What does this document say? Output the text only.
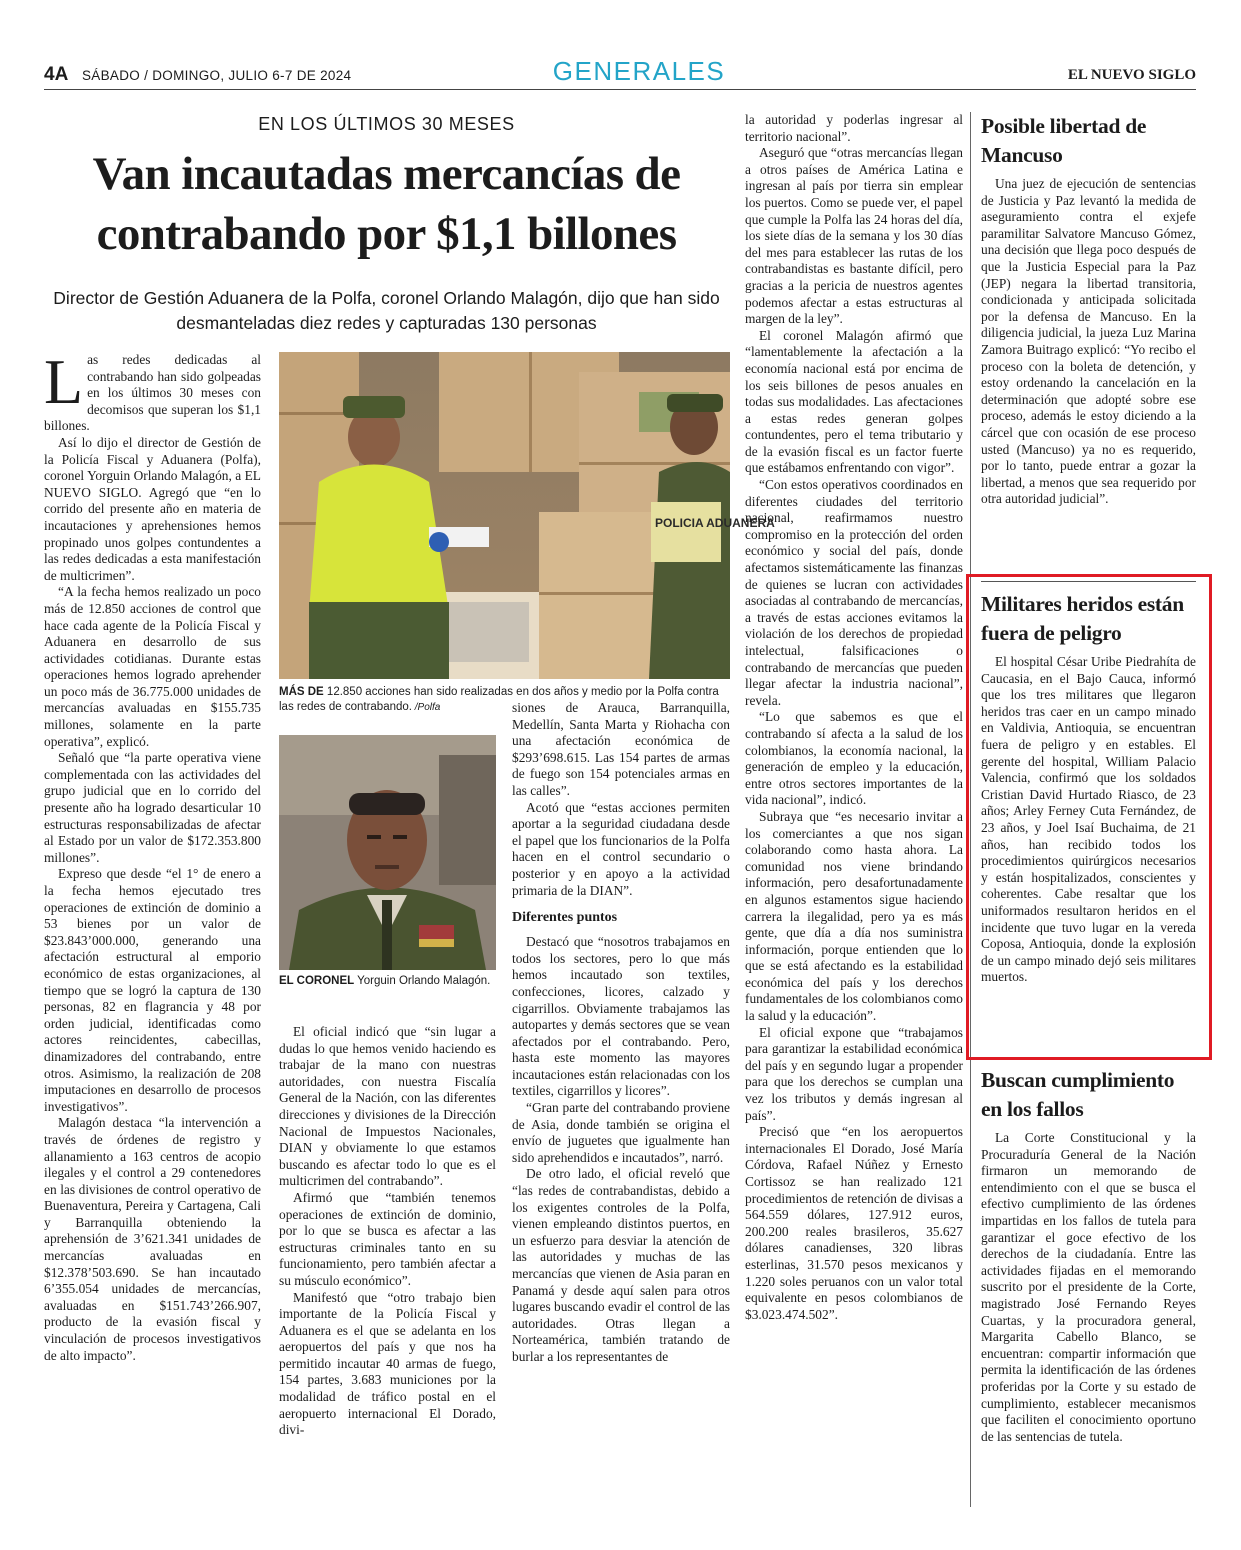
4A SÁBADO / DOMINGO, JULIO 6-7 DE 2024	GENERALES	EL NUEVO SIGLO
EN LOS ÚLTIMOS 30 MESES
Van incautadas mercancías de contrabando por $1,1 billones
Director de Gestión Aduanera de la Polfa, coronel Orlando Malagón, dijo que han sido desmanteladas diez redes y capturadas 130 personas
L as redes dedicadas al contrabando han sido golpeadas en los últimos 30 meses con decomisos que superan los $1,1 billones.

Así lo dijo el director de Gestión de la Policía Fiscal y Aduanera (Polfa), coronel Yorguin Orlando Malagón, a EL NUEVO SIGLO. Agregó que “en lo corrido del presente año en materia de incautaciones y aprehensiones hemos propinado unos golpes contundentes a las redes dedicadas a esta manifestación de multicrimen”.

“A la fecha hemos realizado un poco más de 12.850 acciones de control que hace cada agente de la Policía Fiscal y Aduanera en desarrollo de sus actividades cotidianas. Durante estas operaciones hemos logrado aprehender un poco más de 36.775.000 unidades de mercancías avaluadas en $155.735 millones, solamente en la parte operativa”, explicó.

Señaló que “la parte operativa viene complementada con las actividades del grupo judicial que en lo corrido del presente año ha logrado desarticular 10 estructuras responsabilizadas de afectar al Estado por un valor de $172.353.800 millones”.

Expreso que desde “el 1° de enero a la fecha hemos ejecutado tres operaciones de extinción de dominio a 53 bienes por un valor de $23.843’000.000, generando una afectación estructural al emporio económico de estas organizaciones, al tiempo que se logró la captura de 130 personas, 82 en flagrancia y 48 por orden judicial, identificadas como actores reincidentes, cabecillas, dinamizadores del contrabando, entre otros. Asimismo, la realización de 208 imputaciones en desarrollo de procesos investigativos”.

Malagón destaca “la intervención a través de órdenes de registro y allanamiento a 163 centros de acopio ilegales y el control a 29 contenedores en las divisiones de control operativo de Buenaventura, Pereira y Cartagena, Cali y Barranquilla obteniendo la aprehensión de 3’621.341 unidades de mercancías avaluadas en $12.378’503.690. Se han incautado 6’355.054 unidades de mercancías, avaluadas en $151.743’266.907, producto de la evasión fiscal y vinculación de procesos investigativos de alto impacto”.

POLICIA ADUANERA
MÁS DE 12.850 acciones han sido realizadas en dos años y medio por la Polfa contra las redes de contrabando. /Polfa
EL CORONEL Yorguin Orlando Malagón.

El oficial indicó que “sin lugar a dudas lo que hemos venido haciendo es trabajar de la mano con nuestras autoridades, con nuestra Fiscalía General de la Nación, con las diferentes direcciones y divisiones de la Dirección Nacional de Impuestos Nacionales, DIAN y obviamente lo que estamos buscando es afectar todo lo que es el multicrimen del contrabando”.

Afirmó que “también tenemos operaciones de extinción de dominio, por lo que se busca es afectar a las estructuras criminales tanto en su funcionamiento, pero también afectar a su músculo económico”.

Manifestó que “otro trabajo bien importante de la Policía Fiscal y Aduanera es el que se adelanta en los aeropuertos del país y que nos ha permitido incautar 40 armas de fuego, 154 partes, 3.683 municiones por la modalidad de tráfico postal en el aeropuerto internacional El Dorado, divi-

siones de Arauca, Barranquilla, Medellín, Santa Marta y Riohacha con una afectación económica de $293’698.615. Las 154 partes de armas de fuego son 154 potenciales armas en las calles”.

Acotó que “estas acciones permiten aportar a la seguridad ciudadana desde el papel que los funcionarios de la Polfa hacen en el control secundario o posterior y en apoyo a la actividad primaria de la DIAN”.

Diferentes puntos

Destacó que “nosotros trabajamos en todos los sectores, pero lo que más hemos incautado son textiles, confecciones, licores, calzado y cigarrillos. Obviamente trabajamos las autopartes y demás sectores que se vean afectados por el contrabando. Pero, hasta este momento las mayores incautaciones están relacionadas con los textiles, cigarrillos y licores”.

“Gran parte del contrabando proviene de Asia, donde también se origina el envío de juguetes que igualmente han sido aprehendidos e incautados”, narró.

De otro lado, el oficial reveló que “las redes de contrabandistas, debido a los exigentes controles de la Polfa, vienen empleando distintos puertos, en un esfuerzo para desviar la atención de las autoridades y muchas de las mercancías que vienen de Asia paran en Panamá y desde aquí salen para otros lugares buscando evadir el control de las autoridades. Otras llegan a Norteamérica, también tratando de burlar a los representantes de

la autoridad y poderlas ingresar al territorio nacional”.

Aseguró que “otras mercancías llegan a otros países de América Latina e ingresan al país por tierra sin emplear los puertos. Como se puede ver, el papel que cumple la Polfa las 24 horas del día, los siete días de la semana y los 30 días del mes para establecer las rutas de los contrabandistas es bastante difícil, pero gracias a la pericia de nuestros agentes podemos afectar a estas estructuras al margen de la ley”.

El coronel Malagón afirmó que “lamentablemente la afectación a la economía nacional está por encima de los seis billones de pesos anuales en todas sus modalidades. Las afectaciones a estas redes generan golpes contundentes, pero el tema tributario y de la evasión fiscal es un factor fuerte que estábamos enfrentando con vigor”.

“Con estos operativos coordinados en diferentes ciudades del territorio nacional, reafirmamos nuestro compromiso en la protección del orden económico y social del país, donde afectamos sistemáticamente las finanzas de quienes se lucran con actividades asociadas al contrabando de mercancías, a través de estas acciones evitamos la violación de los derechos de propiedad intelectual, falsificaciones o contrabando de mercancías que pueden llegar afectar la industria nacional”, revela.

“Lo que sabemos es que el contrabando sí afecta a la salud de los colombianos, la economía nacional, la generación de empleo y la educación, entre otros sectores importantes de la vida nacional”, indicó.

Subraya que “es necesario invitar a los comerciantes a que nos sigan colaborando como hasta ahora. La comunidad nos viene brindando información, pero desafortunadamente en algunos estamentos sigue haciendo carrera la ilegalidad, pero ya es más gente, que día a día nos suministra información, porque entienden que lo que se está afectando es la estabilidad económica del país y los derechos fundamentales de los colombianos como la salud y la educación”.

El oficial expone que “trabajamos para garantizar la estabilidad económica del país y en segundo lugar a propender para que los derechos se cumplan una vez los tributos y demás ingresan al país”.

Precisó que “en los aeropuertos internacionales El Dorado, José María Córdova, Rafael Núñez y Ernesto Cortissoz se han realizado 121 procedimientos de retención de divisas a 564.559 dólares, 127.912 euros, 200.200 reales brasileros, 35.627 dólares canadienses, 320 libras esterlinas, 31.570 pesos mexicanos y 1.220 soles peruanos con un valor total equivalente en pesos colombianos de $3.023.474.502”.

Posible libertad de Mancuso

Una juez de ejecución de sentencias de Justicia y Paz levantó la medida de aseguramiento contra el exjefe paramilitar Salvatore Mancuso Gómez, una decisión que llega poco después de que la Justicia Especial para la Paz (JEP) negara la libertad transitoria, condicionada y anticipada solicitada por la defensa de Mancuso. En la diligencia judicial, la jueza Luz Marina Zamora Buitrago explicó: “Yo recibo el proceso con la boleta de detención, y estoy ordenando la cancelación en la determinación que adopté sobre ese proceso, además le estoy diciendo a la cárcel que con ocasión de ese proceso usted (Mancuso) ya no es requerido, por lo tanto, puede entrar a gozar la libertad, a menos que sea requerido por otra autoridad judicial”.

Militares heridos están fuera de peligro

El hospital César Uribe Piedrahíta de Caucasia, en el Bajo Cauca, informó que los tres militares que llegaron heridos tras caer en un campo minado en Valdivia, Antioquia, se encuentran fuera de peligro y en estables. El gerente del hospital, William Palacio Valencia, confirmó que los soldados Cristian David Hurtado Riasco, de 23 años; Arley Ferney Cuta Fernández, de 23 años, y Joel Isaí Buchaima, de 21 años, han recibido todos los procedimientos quirúrgicos necesarios y están hospitalizados, conscientes y coherentes. Cabe resaltar que los uniformados resultaron heridos en el incidente que tuvo lugar en la vereda Coposa, Antioquia, donde la explosión de un campo minado dejó seis militares muertos.

Buscan cumplimiento en los fallos

La Corte Constitucional y la Procuraduría General de la Nación firmaron un memorando de entendimiento con el que se busca el efectivo cumplimiento de las órdenes impartidas en los fallos de tutela para garantizar el goce efectivo de los derechos de la ciudadanía. Entre las actividades fijadas en el memorando suscrito por el presidente de la Corte, magistrado José Fernando Reyes Cuartas, y la procuradora general, Margarita Cabello Blanco, se encuentran: compartir información que permita la identificación de las órdenes proferidas por la Corte y su estado de cumplimiento, establecer mecanismos que faciliten el conocimiento oportuno de las sentencias de tutela.
